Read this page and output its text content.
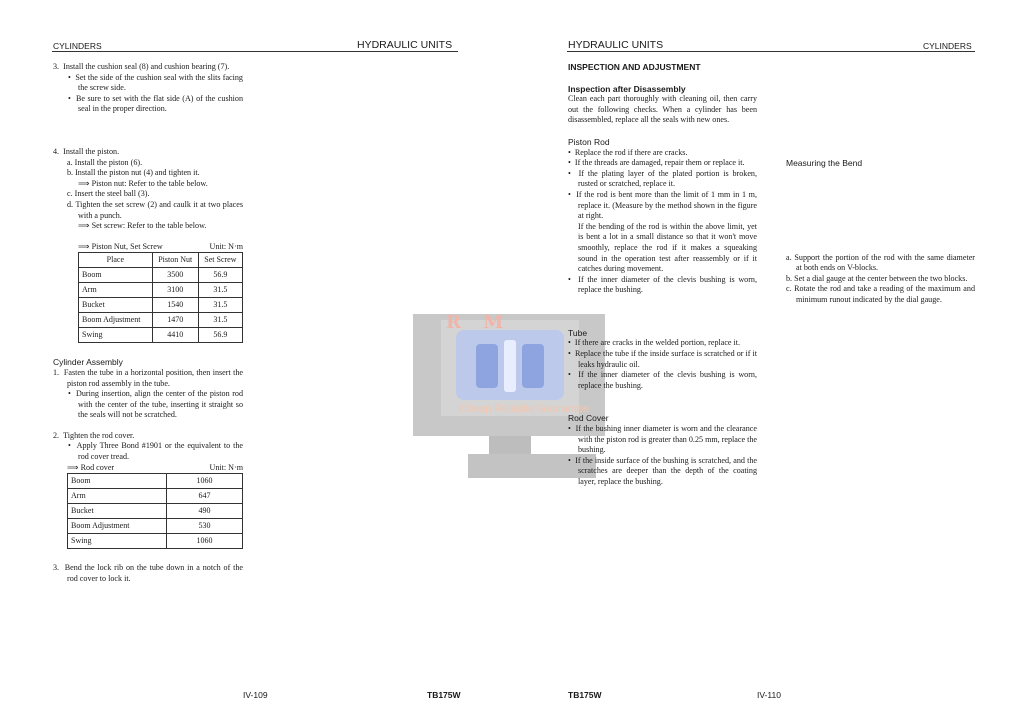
R M
Cheap Reliable Guarantee
CYLINDERS	HYDRAULIC UNITS
3. Install the cushion seal (8) and cushion bearing (7).
•  Set the side of the cushion seal with the slits facing the screw side.
•  Be sure to set with the flat side (A) of the cushion seal in the proper direction.
4. Install the piston.
a. Install the piston (6).
b. Install the piston nut (4) and tighten it.
⟹ Piston nut: Refer to the table below.
c. Insert the steel ball (3).
d. Tighten the set screw (2) and caulk it at two places with a punch.
⟹ Set screw: Refer to the table below.
⟹ Piston Nut, Set Screw	Unit: N·m
Place	Piston Nut	Set Screw
Boom	3500	56.9
Arm	3100	31.5
Bucket	1540	31.5
Boom Adjustment	1470	31.5
Swing	4410	56.9
Cylinder Assembly
1. Fasten the tube in a horizontal position, then insert the piston rod assembly in the tube.
•  During insertion, align the center of the piston rod with the center of the tube, inserting it straight so the seals will not be scratched.
2. Tighten the rod cover.
•  Apply Three Bond #1901 or the equivalent to the rod cover tread.
⟹ Rod cover	Unit: N·m
Boom	1060
Arm	647
Bucket	490
Boom Adjustment	530
Swing	1060
3. Bend the lock rib on the tube down in a notch of the rod cover to lock it.
IV-109	TB175W
HYDRAULIC UNITS	CYLINDERS
INSPECTION AND ADJUSTMENT
Inspection after Disassembly
Clean each part thoroughly with cleaning oil, then carry out the following checks. When a cylinder has been disassembled, replace all the seals with new ones.
Piston Rod
•  Replace the rod if there are cracks.
•  If the threads are damaged, repair them or replace it.
•  If the plating layer of the plated portion is broken, rusted or scratched, replace it.
•  If the rod is bent more than the limit of 1 mm in 1 m, replace it. (Measure by the method shown in the figure at right.
If the bending of the rod is within the above limit, yet is bent a lot in a small distance so that it won't move smoothly, replace the rod if it makes a squeaking sound in the operation test after reassembly or if it catches during movement.
•  If the inner diameter of the clevis bushing is worn, replace the bushing.
Tube
•  If there are cracks in the welded portion, replace it.
•  Replace the tube if the inside surface is scratched or if it leaks hydraulic oil.
•  If the inner diameter of the clevis bushing is worn, replace the bushing.
Rod Cover
•  If the bushing inner diameter is worn and the clearance with the piston rod is greater than 0.25 mm, replace the bushing.
•  If the inside surface of the bushing is scratched, and the scratches are deeper than the depth of the coating layer, replace the bushing.
Measuring the Bend
a. Support the portion of the rod with the same diameter at both ends on V-blocks.
b. Set a dial gauge at the center between the two blocks.
c. Rotate the rod and take a reading of the maximum and minimum runout indicated by the dial gauge.
TB175W	IV-110
